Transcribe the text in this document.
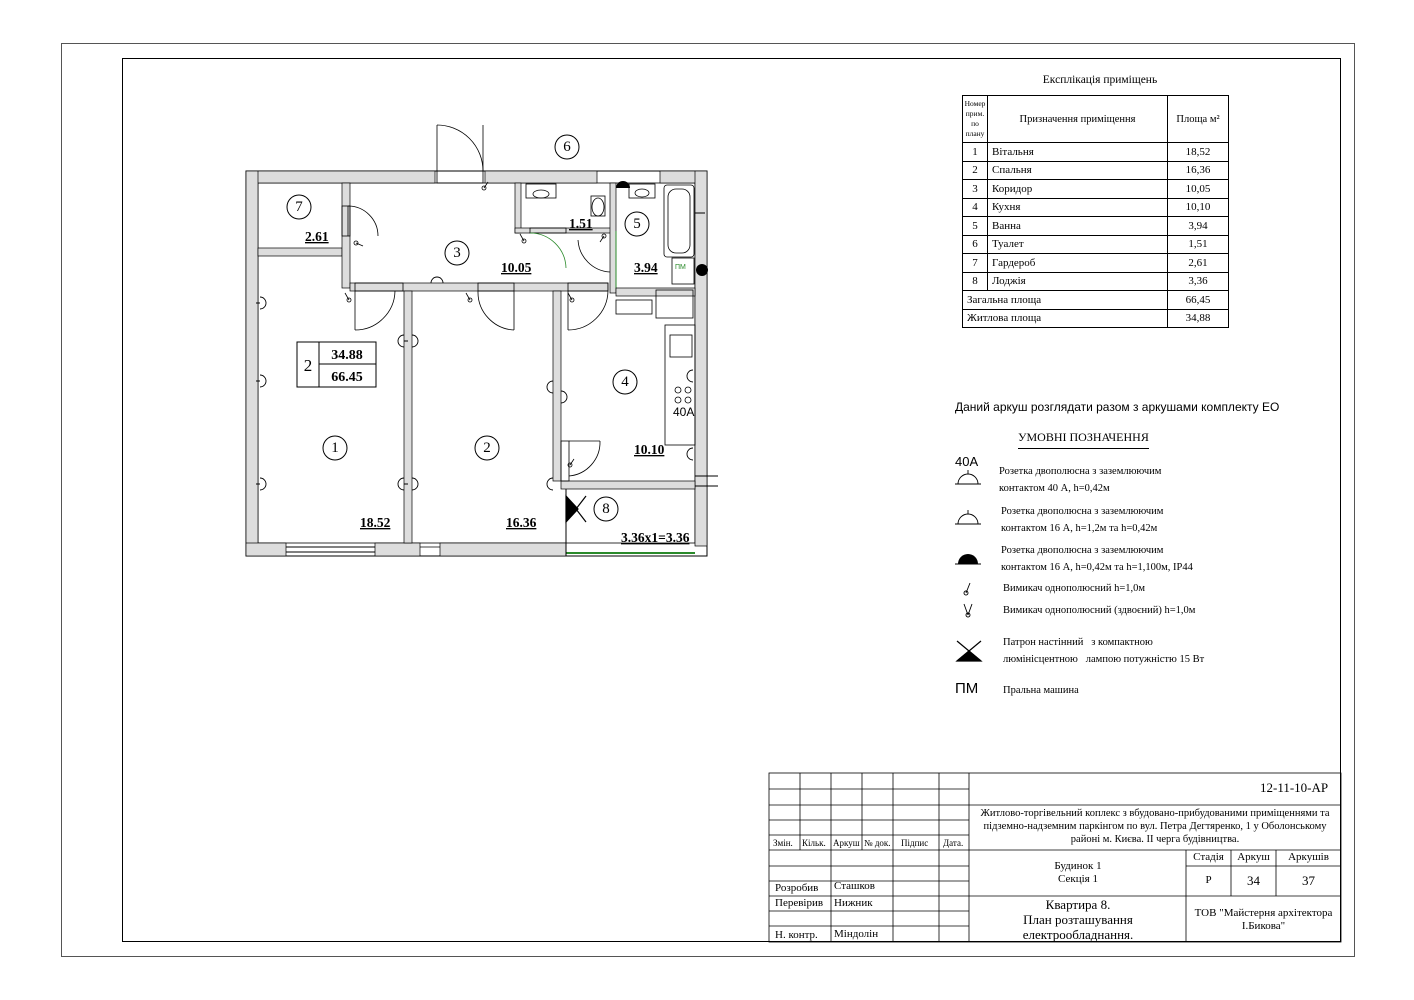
7
3
6
5
4
1	2
8
2.61
10.05
1.51
3.94
10.10
18.52	16.36
3.36x1=3.36
2
34.88
66.45
40A
ПМ
Експлікація приміщень
Номер прим. по плану	Призначення приміщення	Площа м²
1	Вітальня	18,52
2	Спальня	16,36
3	Коридор	10,05
4	Кухня	10,10
5	Ванна	3,94
6	Туалет	1,51
7	Гардероб	2,61
8	Лоджія	3,36
Загальна площа		66,45
Житлова площа		34,88
Даний аркуш розглядати разом з аркушами комплекту ЕО
УМОВНІ ПОЗНАЧЕННЯ
40A
Розетка двополюсна з заземлюючим
контактом 40 А, h=0,42м
Розетка двополюсна з заземлюючим
контактом 16 А, h=1,2м та h=0,42м
Розетка двополюсна з заземлюючим
контактом 16 А, h=0,42м та h=1,100м, IP44
Вимикач однополюсний h=1,0м
Вимикач однополюсний (здвоєний) h=1,0м
Патрон настінний   з компактною
люмінісцентною   лампою потужністю 15 Вт
ПМ Пральна машина
12-11-10-АР
Житлово-торгівельний коплекс з вбудовано-прибудованими приміщеннями та підземно-надземним паркінгом по вул. Петра Дегтяренко, 1 у Оболонському районі м. Києва. ІІ черга будівництва.
Змін. Кільк. Аркуш № док. Підпис Дата.
Розробив Сташков
Перевірив Нижник
Н. контр. Міндолін
Будинок 1
Секція 1
Стадія	Аркуш	Аркушів
Р	34	37
Квартира 8.
План розташування
електрообладнання.
ТОВ "Майстерня архітектора
І.Бикова"
